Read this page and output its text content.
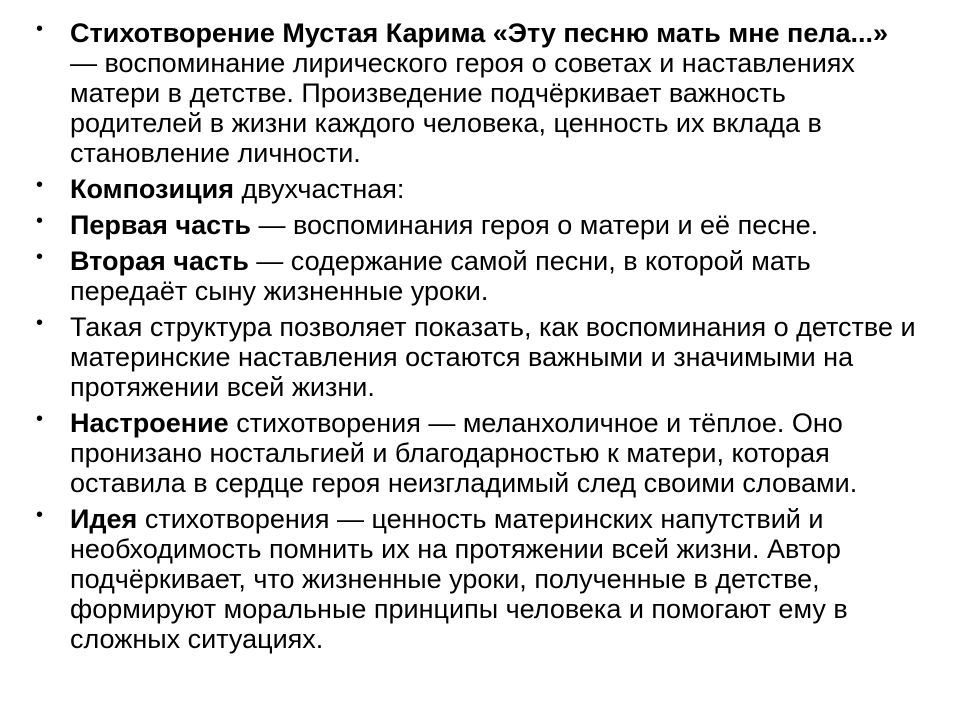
• Стихотворение Мустая Карима «Эту песню мать мне пела...» — воспоминание лирического героя о советах и наставлениях матери в детстве. Произведение подчёркивает важность родителей в жизни каждого человека, ценность их вклада в становление личности.
• Композиция двухчастная:
• Первая часть — воспоминания героя о матери и её песне.
• Вторая часть — содержание самой песни, в которой мать передаёт сыну жизненные уроки.
• Такая структура позволяет показать, как воспоминания о детстве и материнские наставления остаются важными и значимыми на протяжении всей жизни.
• Настроение стихотворения — меланхоличное и тёплое. Оно пронизано ностальгией и благодарностью к матери, которая оставила в сердце героя неизгладимый след своими словами.
• Идея стихотворения — ценность материнских напутствий и необходимость помнить их на протяжении всей жизни. Автор подчёркивает, что жизненные уроки, полученные в детстве, формируют моральные принципы человека и помогают ему в сложных ситуациях.
